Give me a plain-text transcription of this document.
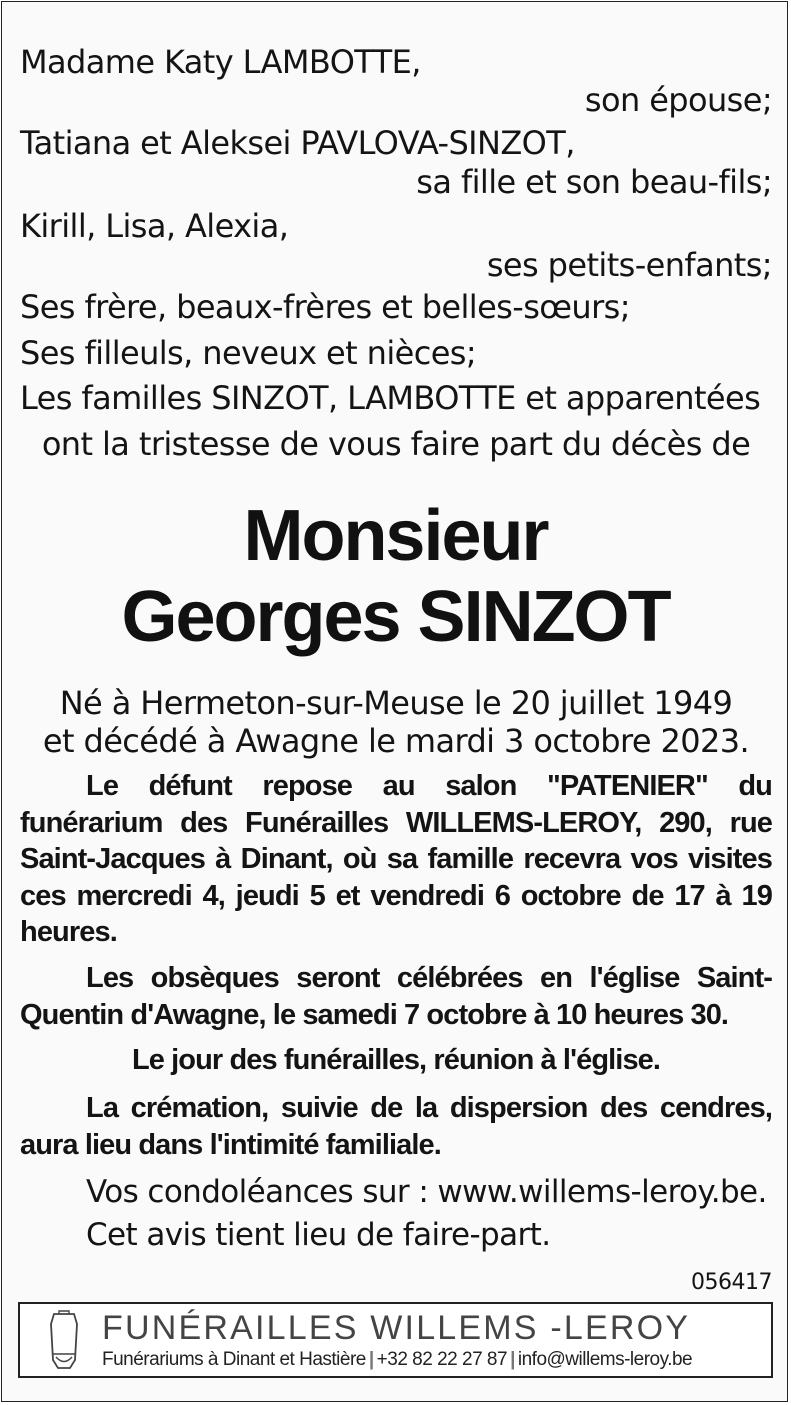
Madame Katy LAMBOTTE,
son épouse;
Tatiana et Aleksei PAVLOVA-SINZOT,
sa fille et son beau-fils;
Kirill, Lisa, Alexia,
ses petits-enfants;
Ses frère, beaux-frères et belles-sœurs;
Ses filleuls, neveux et nièces;
Les familles SINZOT, LAMBOTTE et apparentées
ont la tristesse de vous faire part du décès de
Monsieur
Georges SINZOT
Né à Hermeton-sur-Meuse le 20 juillet 1949
et décédé à Awagne le mardi 3 octobre 2023.
Le défunt repose au salon "PATENIER" du funérarium des Funérailles WILLEMS-LEROY, 290, rue Saint-Jacques à Dinant, où sa famille recevra vos visites ces mercredi 4, jeudi 5 et vendredi 6 octobre de 17 à 19 heures.
Les obsèques seront célébrées en l'église Saint-Quentin d'Awagne, le samedi 7 octobre à 10 heures 30.
Le jour des funérailles, réunion à l'église.
La crémation, suivie de la dispersion des cendres, aura lieu dans l'intimité familiale.
Vos condoléances sur : www.willems-leroy.be.
Cet avis tient lieu de faire-part.
056417
FUNÉRAILLES WILLEMS -LEROY
Funérariums à Dinant et Hastière | +32 82 22 27 87 | info@willems-leroy.be
